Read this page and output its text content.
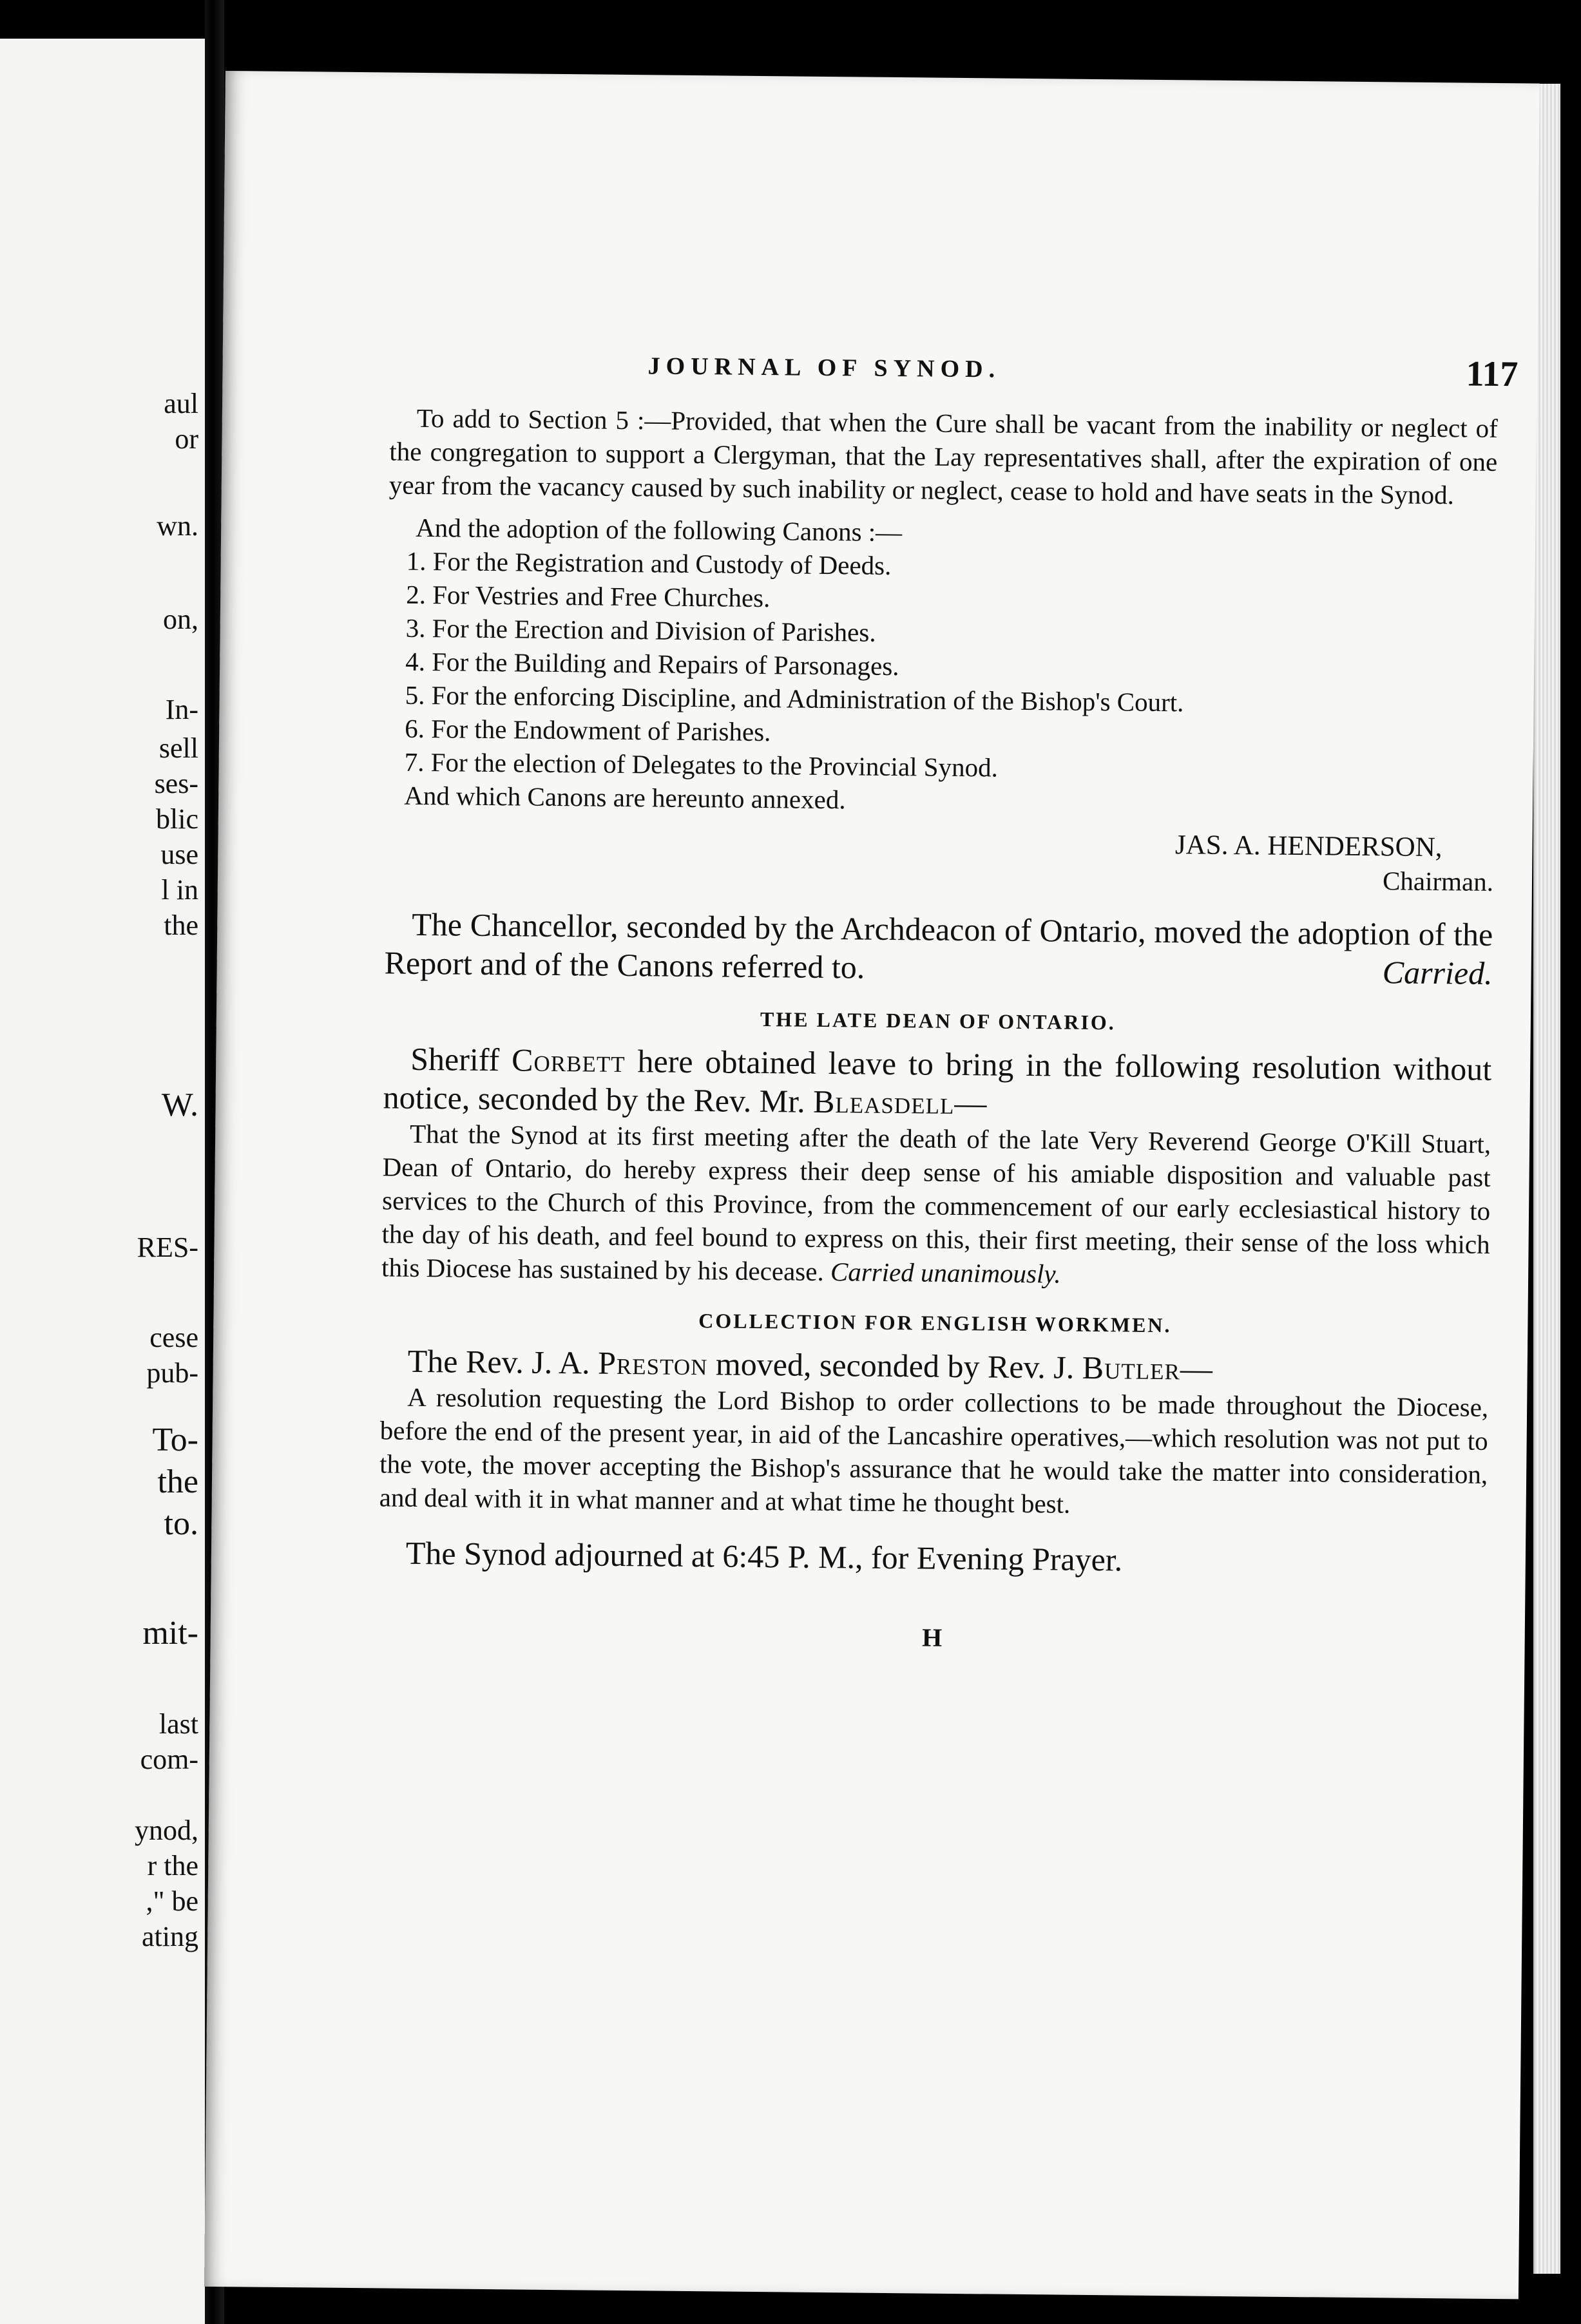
aul
or
wn.
on,
In-
sell
ses-
blic
use
l in
the
W.
RES-
cese
pub-
To-
the
to.
mit-
last
com-
ynod,
r the
," be
ating
JOURNAL OF SYNOD.	117

To add to Section 5 :—Provided, that when the Cure shall be vacant from the inability or neglect of the congregation to support a Clergyman, that the Lay representatives shall, after the expiration of one year from the vacancy caused by such inability or neglect, cease to hold and have seats in the Synod.

And the adoption of the following Canons :—

1. For the Registration and Custody of Deeds.

2. For Vestries and Free Churches.

3. For the Erection and Division of Parishes.

4. For the Building and Repairs of Parsonages.

5. For the enforcing Discipline, and Administration of the Bishop's Court.

6. For the Endowment of Parishes.

7. For the election of Delegates to the Provincial Synod.

And which Canons are hereunto annexed.

JAS. A. HENDERSON,
Chairman.

The Chancellor, seconded by the Archdeacon of Ontario, moved the adoption of the Report and of the Canons referred to.	Carried.

THE LATE DEAN OF ONTARIO.

Sheriff Corbett here obtained leave to bring in the following resolution without notice, seconded by the Rev. Mr. Bleasdell—

That the Synod at its first meeting after the death of the late Very Reverend George O'Kill Stuart, Dean of Ontario, do hereby express their deep sense of his amiable disposition and valuable past services to the Church of this Province, from the commencement of our early ecclesiastical history to the day of his death, and feel bound to express on this, their first meeting, their sense of the loss which this Diocese has sustained by his decease. Carried unanimously.

COLLECTION FOR ENGLISH WORKMEN.

The Rev. J. A. Preston moved, seconded by Rev. J. Butler—

A resolution requesting the Lord Bishop to order collections to be made throughout the Diocese, before the end of the present year, in aid of the Lancashire operatives,—which resolution was not put to the vote, the mover accepting the Bishop's assurance that he would take the matter into consideration, and deal with it in what manner and at what time he thought best.

The Synod adjourned at 6:45 P. M., for Evening Prayer.

H
